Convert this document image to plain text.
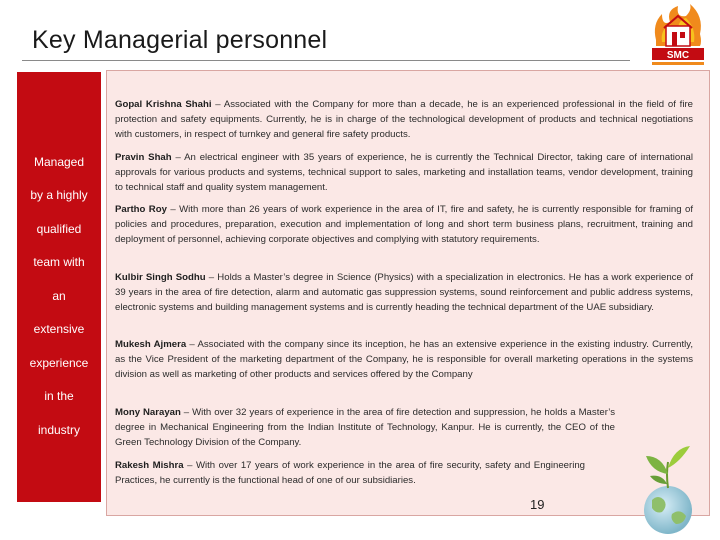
Key Managerial personnel
SMC
Managed
by a highly
qualified
team with
an
extensive
experience
in the
industry
Gopal Krishna Shahi – Associated with the Company for more than a decade, he is an experienced professional in the field of fire protection and safety equipments. Currently, he is in charge of the technological development of products and technical negotiations with customers, in respect of turnkey and general fire safety products.
Pravin Shah – An electrical engineer with 35 years of experience, he is currently the Technical Director, taking care of international approvals for various products and systems, technical support to sales, marketing and installation teams, vendor development, training to technical staff and quality system management.
Partho Roy – With more than 26 years of work experience in the area of IT, fire and safety, he is currently responsible for framing of policies and procedures, preparation, execution and implementation of long and short term business plans, recruitment, training and deployment of personnel, achieving corporate objectives and complying with statutory requirements.
Kulbir Singh Sodhu – Holds a Master’s degree in Science (Physics) with a specialization in electronics. He has a work experience of 39 years in the area of fire detection, alarm and automatic gas suppression systems, sound reinforcement and public address systems, electronic systems and building management systems and is currently heading the technical department of the UAE subsidiary.
Mukesh Ajmera – Associated with the company since its inception, he has an extensive experience in the existing industry. Currently, as the Vice President of the marketing department of the Company, he is responsible for overall marketing operations in the systems division as well as marketing of other products and services offered by the Company
Mony Narayan – With over 32 years of experience in the area of fire detection and suppression, he holds a Master’s degree in Mechanical Engineering from the Indian Institute of Technology, Kanpur. He is currently, the CEO of the Green Technology Division of the Company.
Rakesh Mishra – With over 17 years of work experience in the area of fire security, safety and Engineering Practices, he currently is the functional head of one of our subsidiaries.
19
